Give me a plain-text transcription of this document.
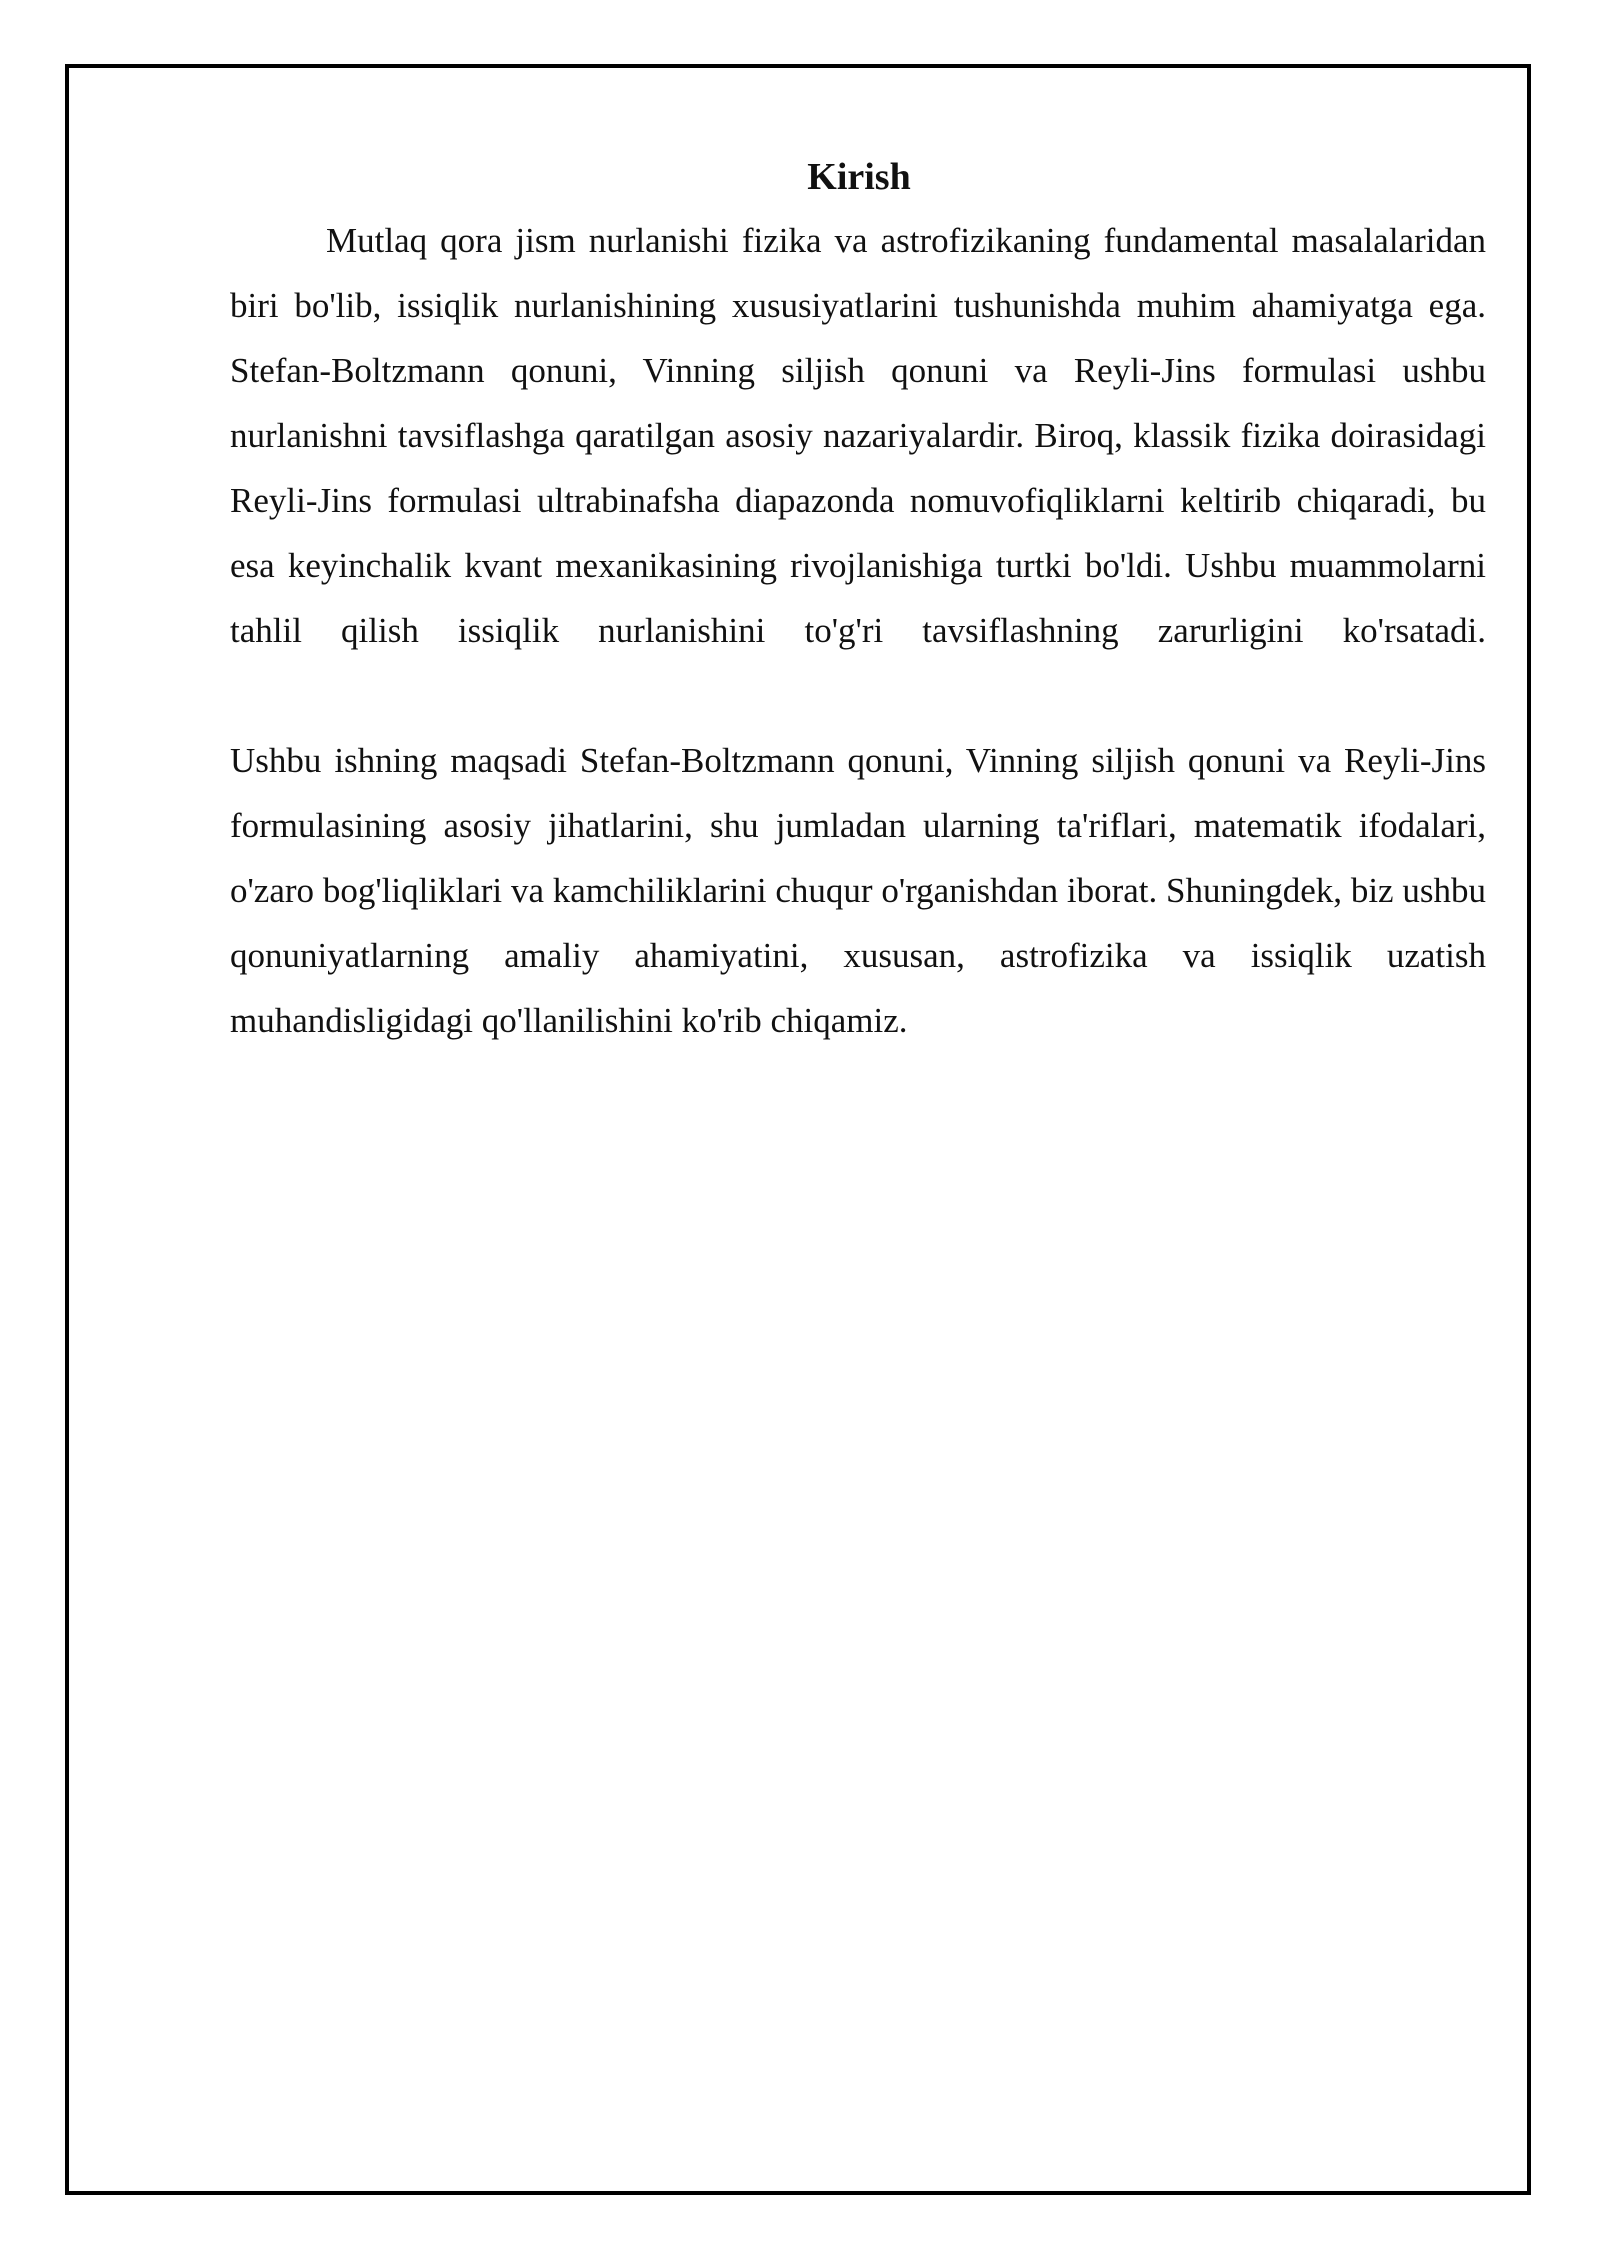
Kirish

Mutlaq qora jism nurlanishi fizika va astrofizikaning fundamental masalalaridan biri bo'lib, issiqlik nurlanishining xususiyatlarini tushunishda muhim ahamiyatga ega. Stefan-Boltzmann qonuni, Vinning siljish qonuni va Reyli-Jins formulasi ushbu nurlanishni tavsiflashga qaratilgan asosiy nazariyalardir. Biroq, klassik fizika doirasidagi Reyli-Jins formulasi ultrabinafsha diapazonda nomuvofiqliklarni keltirib chiqaradi, bu esa keyinchalik kvant mexanikasining rivojlanishiga turtki bo'ldi. Ushbu muammolarni tahlil qilish issiqlik nurlanishini to'g'ri tavsiflashning zarurligini ko'rsatadi.

Ushbu ishning maqsadi Stefan-Boltzmann qonuni, Vinning siljish qonuni va Reyli-Jins formulasining asosiy jihatlarini, shu jumladan ularning ta'riflari, matematik ifodalari, o'zaro bog'liqliklari va kamchiliklarini chuqur o'rganishdan iborat. Shuningdek, biz ushbu qonuniyatlarning amaliy ahamiyatini, xususan, astrofizika va issiqlik uzatish muhandisligidagi qo'llanilishini ko'rib chiqamiz.
